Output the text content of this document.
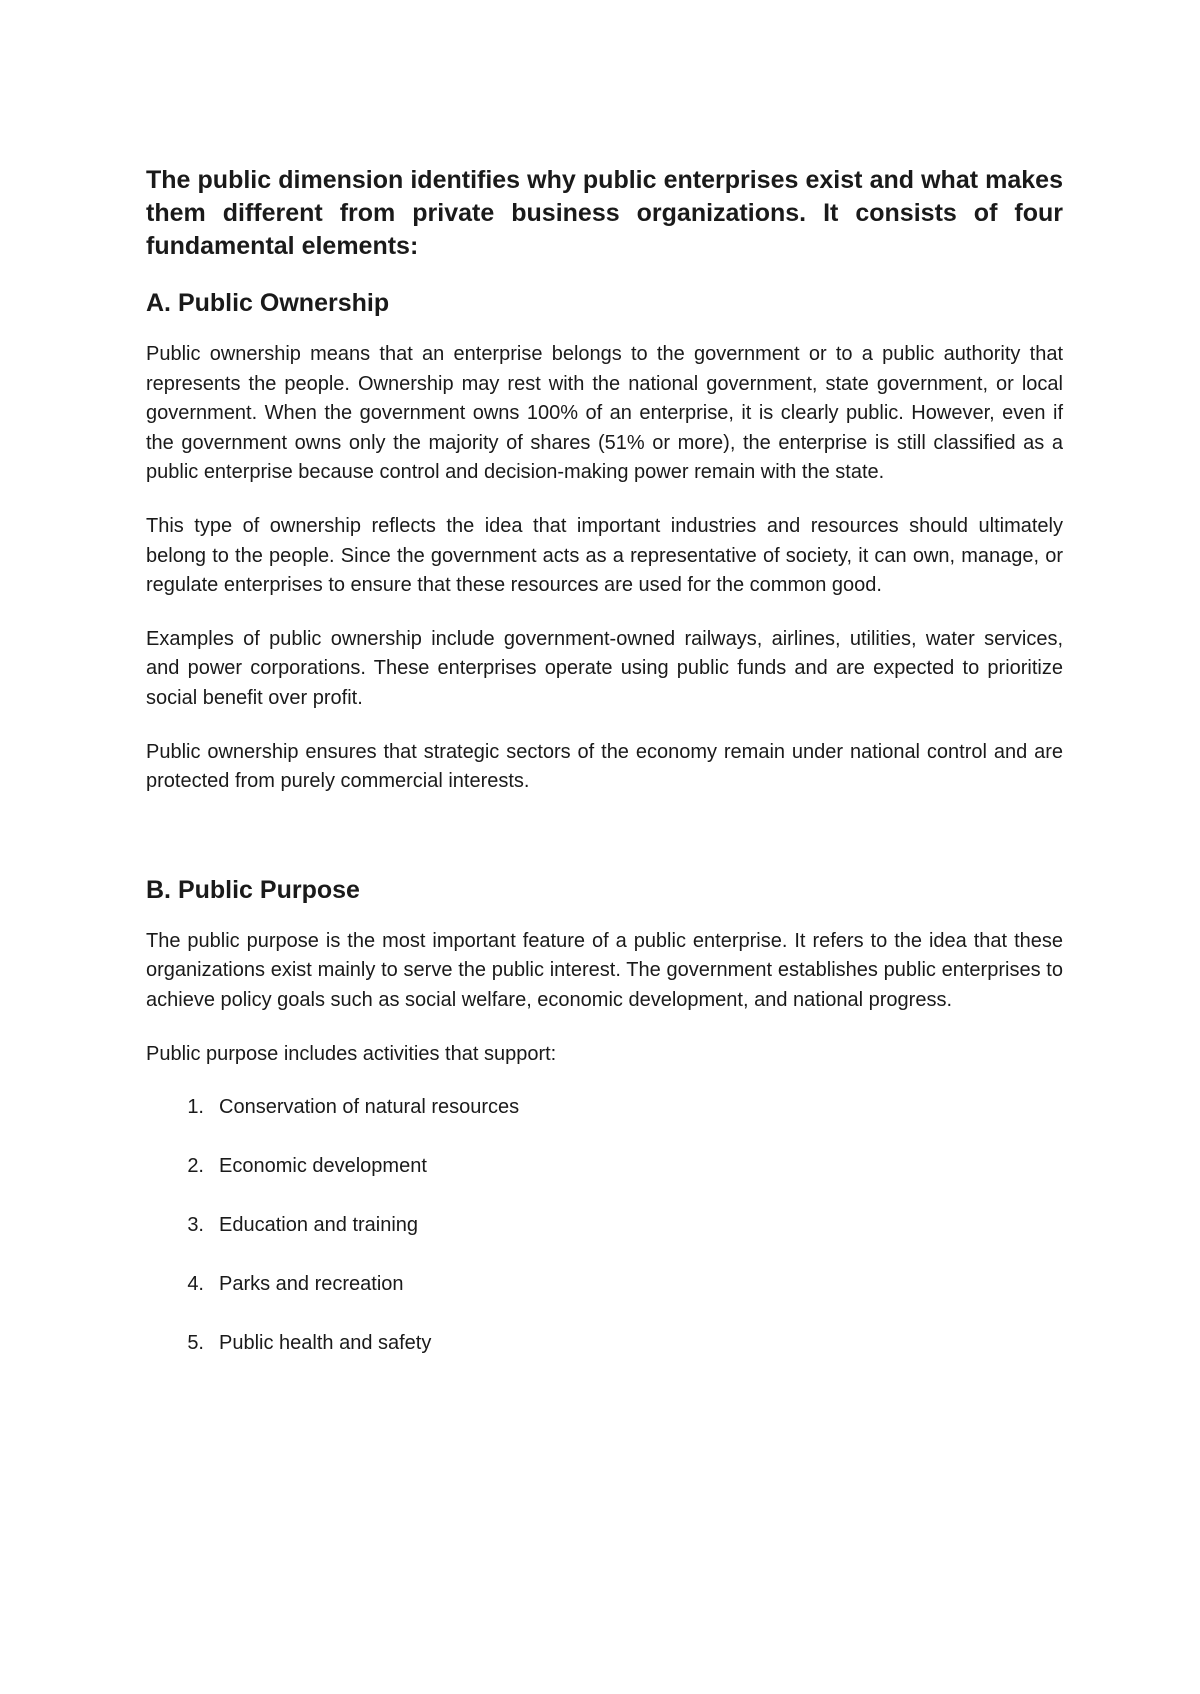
The public dimension identifies why public enterprises exist and what makes them different from private business organizations. It consists of four fundamental elements:

A. Public Ownership

Public ownership means that an enterprise belongs to the government or to a public authority that represents the people. Ownership may rest with the national government, state government, or local government. When the government owns 100% of an enterprise, it is clearly public. However, even if the government owns only the majority of shares (51% or more), the enterprise is still classified as a public enterprise because control and decision-making power remain with the state.

This type of ownership reflects the idea that important industries and resources should ultimately belong to the people. Since the government acts as a representative of society, it can own, manage, or regulate enterprises to ensure that these resources are used for the common good.

Examples of public ownership include government-owned railways, airlines, utilities, water services, and power corporations. These enterprises operate using public funds and are expected to prioritize social benefit over profit.

Public ownership ensures that strategic sectors of the economy remain under national control and are protected from purely commercial interests.

B. Public Purpose

The public purpose is the most important feature of a public enterprise. It refers to the idea that these organizations exist mainly to serve the public interest. The government establishes public enterprises to achieve policy goals such as social welfare, economic development, and national progress.

Public purpose includes activities that support:

1. Conservation of natural resources
2. Economic development
3. Education and training
4. Parks and recreation
5. Public health and safety
